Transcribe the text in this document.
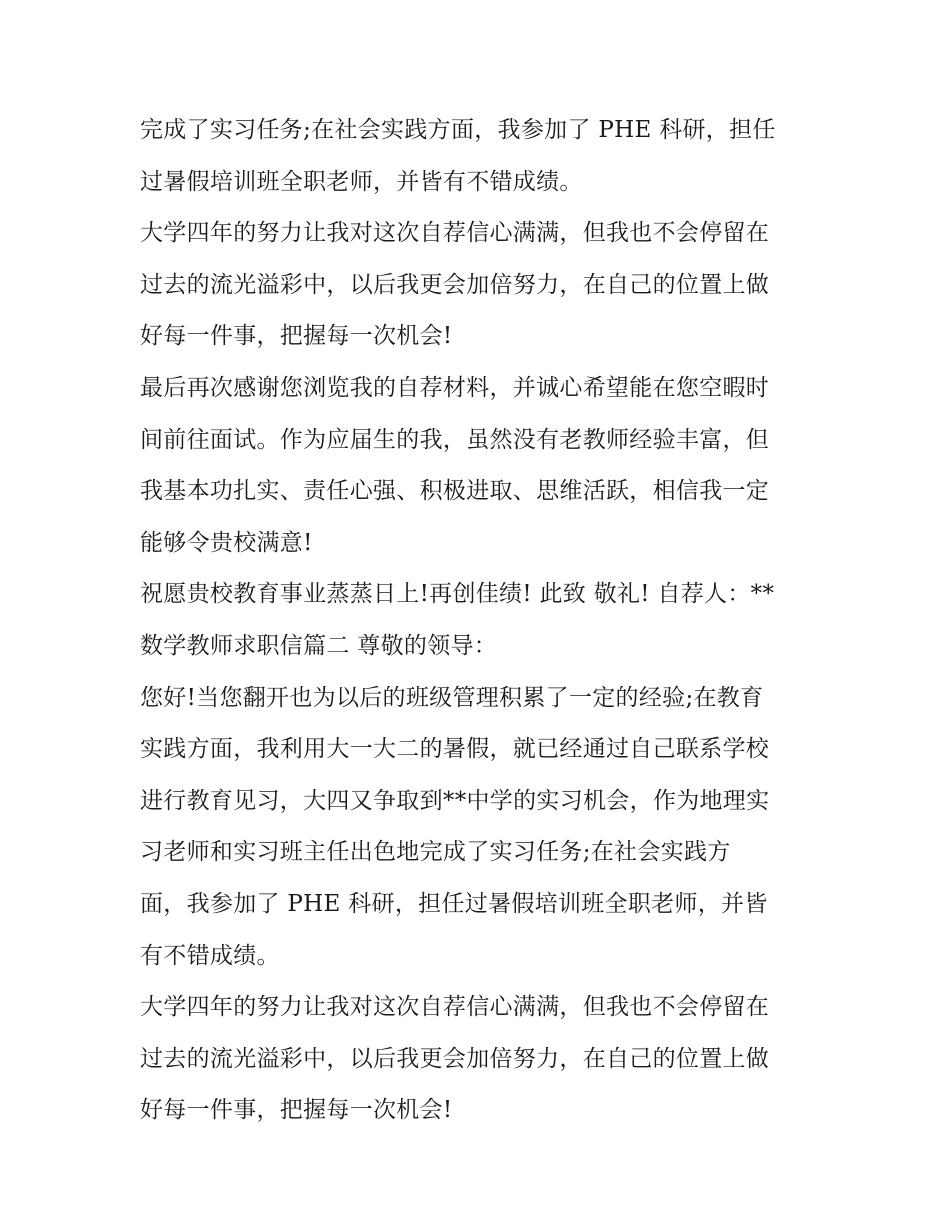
完成了实习任务;在社会实践方面，我参加了 PHE 科研，担任
过暑假培训班全职老师，并皆有不错成绩。
大学四年的努力让我对这次自荐信心满满，但我也不会停留在
过去的流光溢彩中，以后我更会加倍努力，在自己的位置上做
好每一件事，把握每一次机会!
最后再次感谢您浏览我的自荐材料，并诚心希望能在您空暇时
间前往面试。作为应届生的我，虽然没有老教师经验丰富，但
我基本功扎实、责任心强、积极进取、思维活跃，相信我一定
能够令贵校满意!
祝愿贵校教育事业蒸蒸日上!再创佳绩! 此致 敬礼! 自荐人：**
数学教师求职信篇二 尊敬的领导：
您好!当您翻开也为以后的班级管理积累了一定的经验;在教育
实践方面，我利用大一大二的暑假，就已经通过自己联系学校
进行教育见习，大四又争取到**中学的实习机会，作为地理实
习老师和实习班主任出色地完成了实习任务;在社会实践方
面，我参加了 PHE 科研，担任过暑假培训班全职老师，并皆
有不错成绩。
大学四年的努力让我对这次自荐信心满满，但我也不会停留在
过去的流光溢彩中，以后我更会加倍努力，在自己的位置上做
好每一件事，把握每一次机会!
